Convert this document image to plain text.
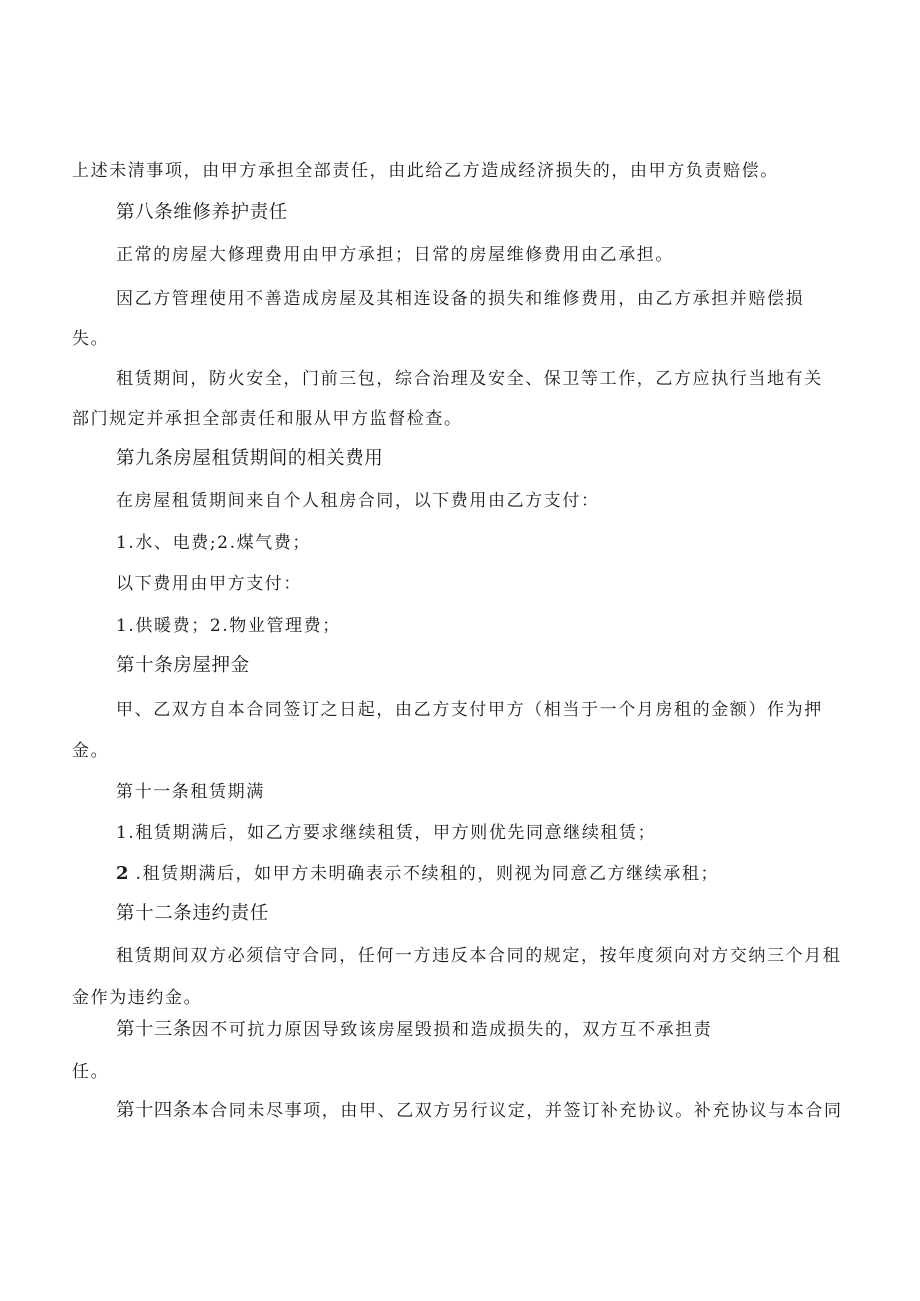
上述未清事项，由甲方承担全部责任，由此给乙方造成经济损失的，由甲方负责赔偿。
第八条维修养护责任
正常的房屋大修理费用由甲方承担；日常的房屋维修费用由乙承担。
因乙方管理使用不善造成房屋及其相连设备的损失和维修费用，由乙方承担并赔偿损
失。
租赁期间，防火安全，门前三包，综合治理及安全、保卫等工作，乙方应执行当地有关
部门规定并承担全部责任和服从甲方监督检查。
第九条房屋租赁期间的相关费用
在房屋租赁期间来自个人租房合同，以下费用由乙方支付：
1.水、电费;2.煤气费；
以下费用由甲方支付：
1.供暖费；2.物业管理费；
第十条房屋押金
甲、乙双方自本合同签订之日起，由乙方支付甲方（相当于一个月房租的金额）作为押
金。
第十一条租赁期满
1.租赁期满后，如乙方要求继续租赁，甲方则优先同意继续租赁；
2 .租赁期满后，如甲方未明确表示不续租的，则视为同意乙方继续承租；
第十二条违约责任
租赁期间双方必须信守合同，任何一方违反本合同的规定，按年度须向对方交纳三个月租
金作为违约金。
第十三条因不可抗力原因导致该房屋毁损和造成损失的，双方互不承担责
任。
第十四条本合同未尽事项，由甲、乙双方另行议定，并签订补充协议。补充协议与本合同
